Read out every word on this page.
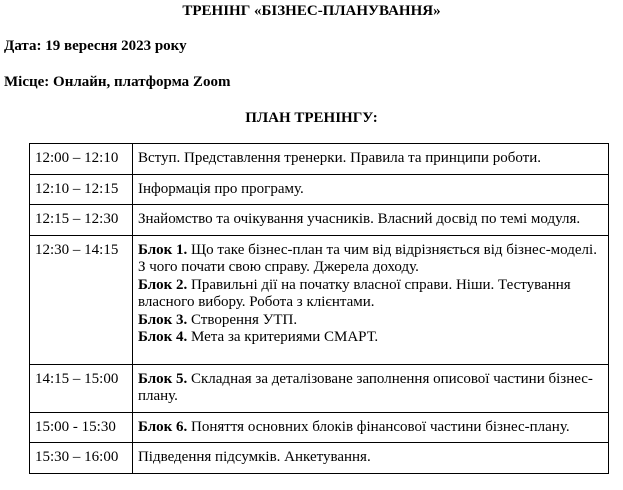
ТРЕНІНГ «БІЗНЕС-ПЛАНУВАННЯ»
Дата: 19 вересня 2023 року
Місце: Онлайн, платформа Zoom
ПЛАН ТРЕНІНГУ:
12:00 – 12:10	Вступ. Представлення тренерки. Правила та принципи роботи.
12:10 – 12:15	Інформація про програму.
12:15 – 12:30	Знайомство та очікування учасників. Власний досвід по темі модуля.
12:30 – 14:15	Блок 1. Що таке бізнес-план та чим від відрізняється від бізнес-моделі. З чого почати свою справу. Джерела доходу.
Блок 2. Правильні дії на початку власної справи. Ніши. Тестування власного вибору. Робота з клієнтами.
Блок 3. Створення УТП.
Блок 4. Мета за критериями СМАРТ.

14:15 – 15:00	Блок 5. Складная за деталізоване заполнення описової частини бізнес-плану.

15:00 - 15:30	Блок 6. Поняття основних блоків фінансової частини бізнес-плану.

15:30 – 16:00	Підведення підсумків. Анкетування.
